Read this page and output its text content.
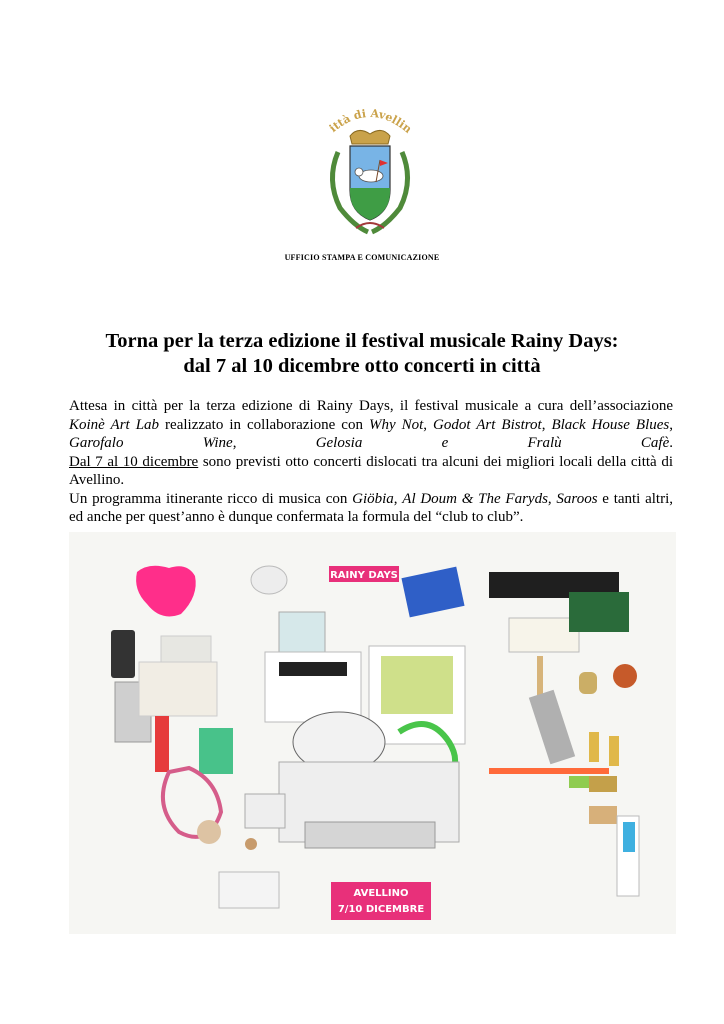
ittà di Avellin
UFFICIO STAMPA E COMUNICAZIONE
Torna per la terza edizione il festival musicale Rainy Days:
dal 7 al 10 dicembre otto concerti in città

Attesa in città per la terza edizione di Rainy Days, il festival musicale a cura dell’associazione Koinè Art Lab realizzato in collaborazione con Why Not, Godot Art Bistrot, Black House Blues, Garofalo Wine, Gelosia e Fralù Cafè.

Dal 7 al 10 dicembre sono previsti otto concerti dislocati tra alcuni dei migliori locali della città di Avellino.

Un programma itinerante ricco di musica con Giöbia, Al Doum & The Faryds, Saroos e tanti altri, ed anche per quest’anno è dunque confermata la formula del “club to club”.

RAINY DAYS
AVELLINO
7/10 DICEMBRE
